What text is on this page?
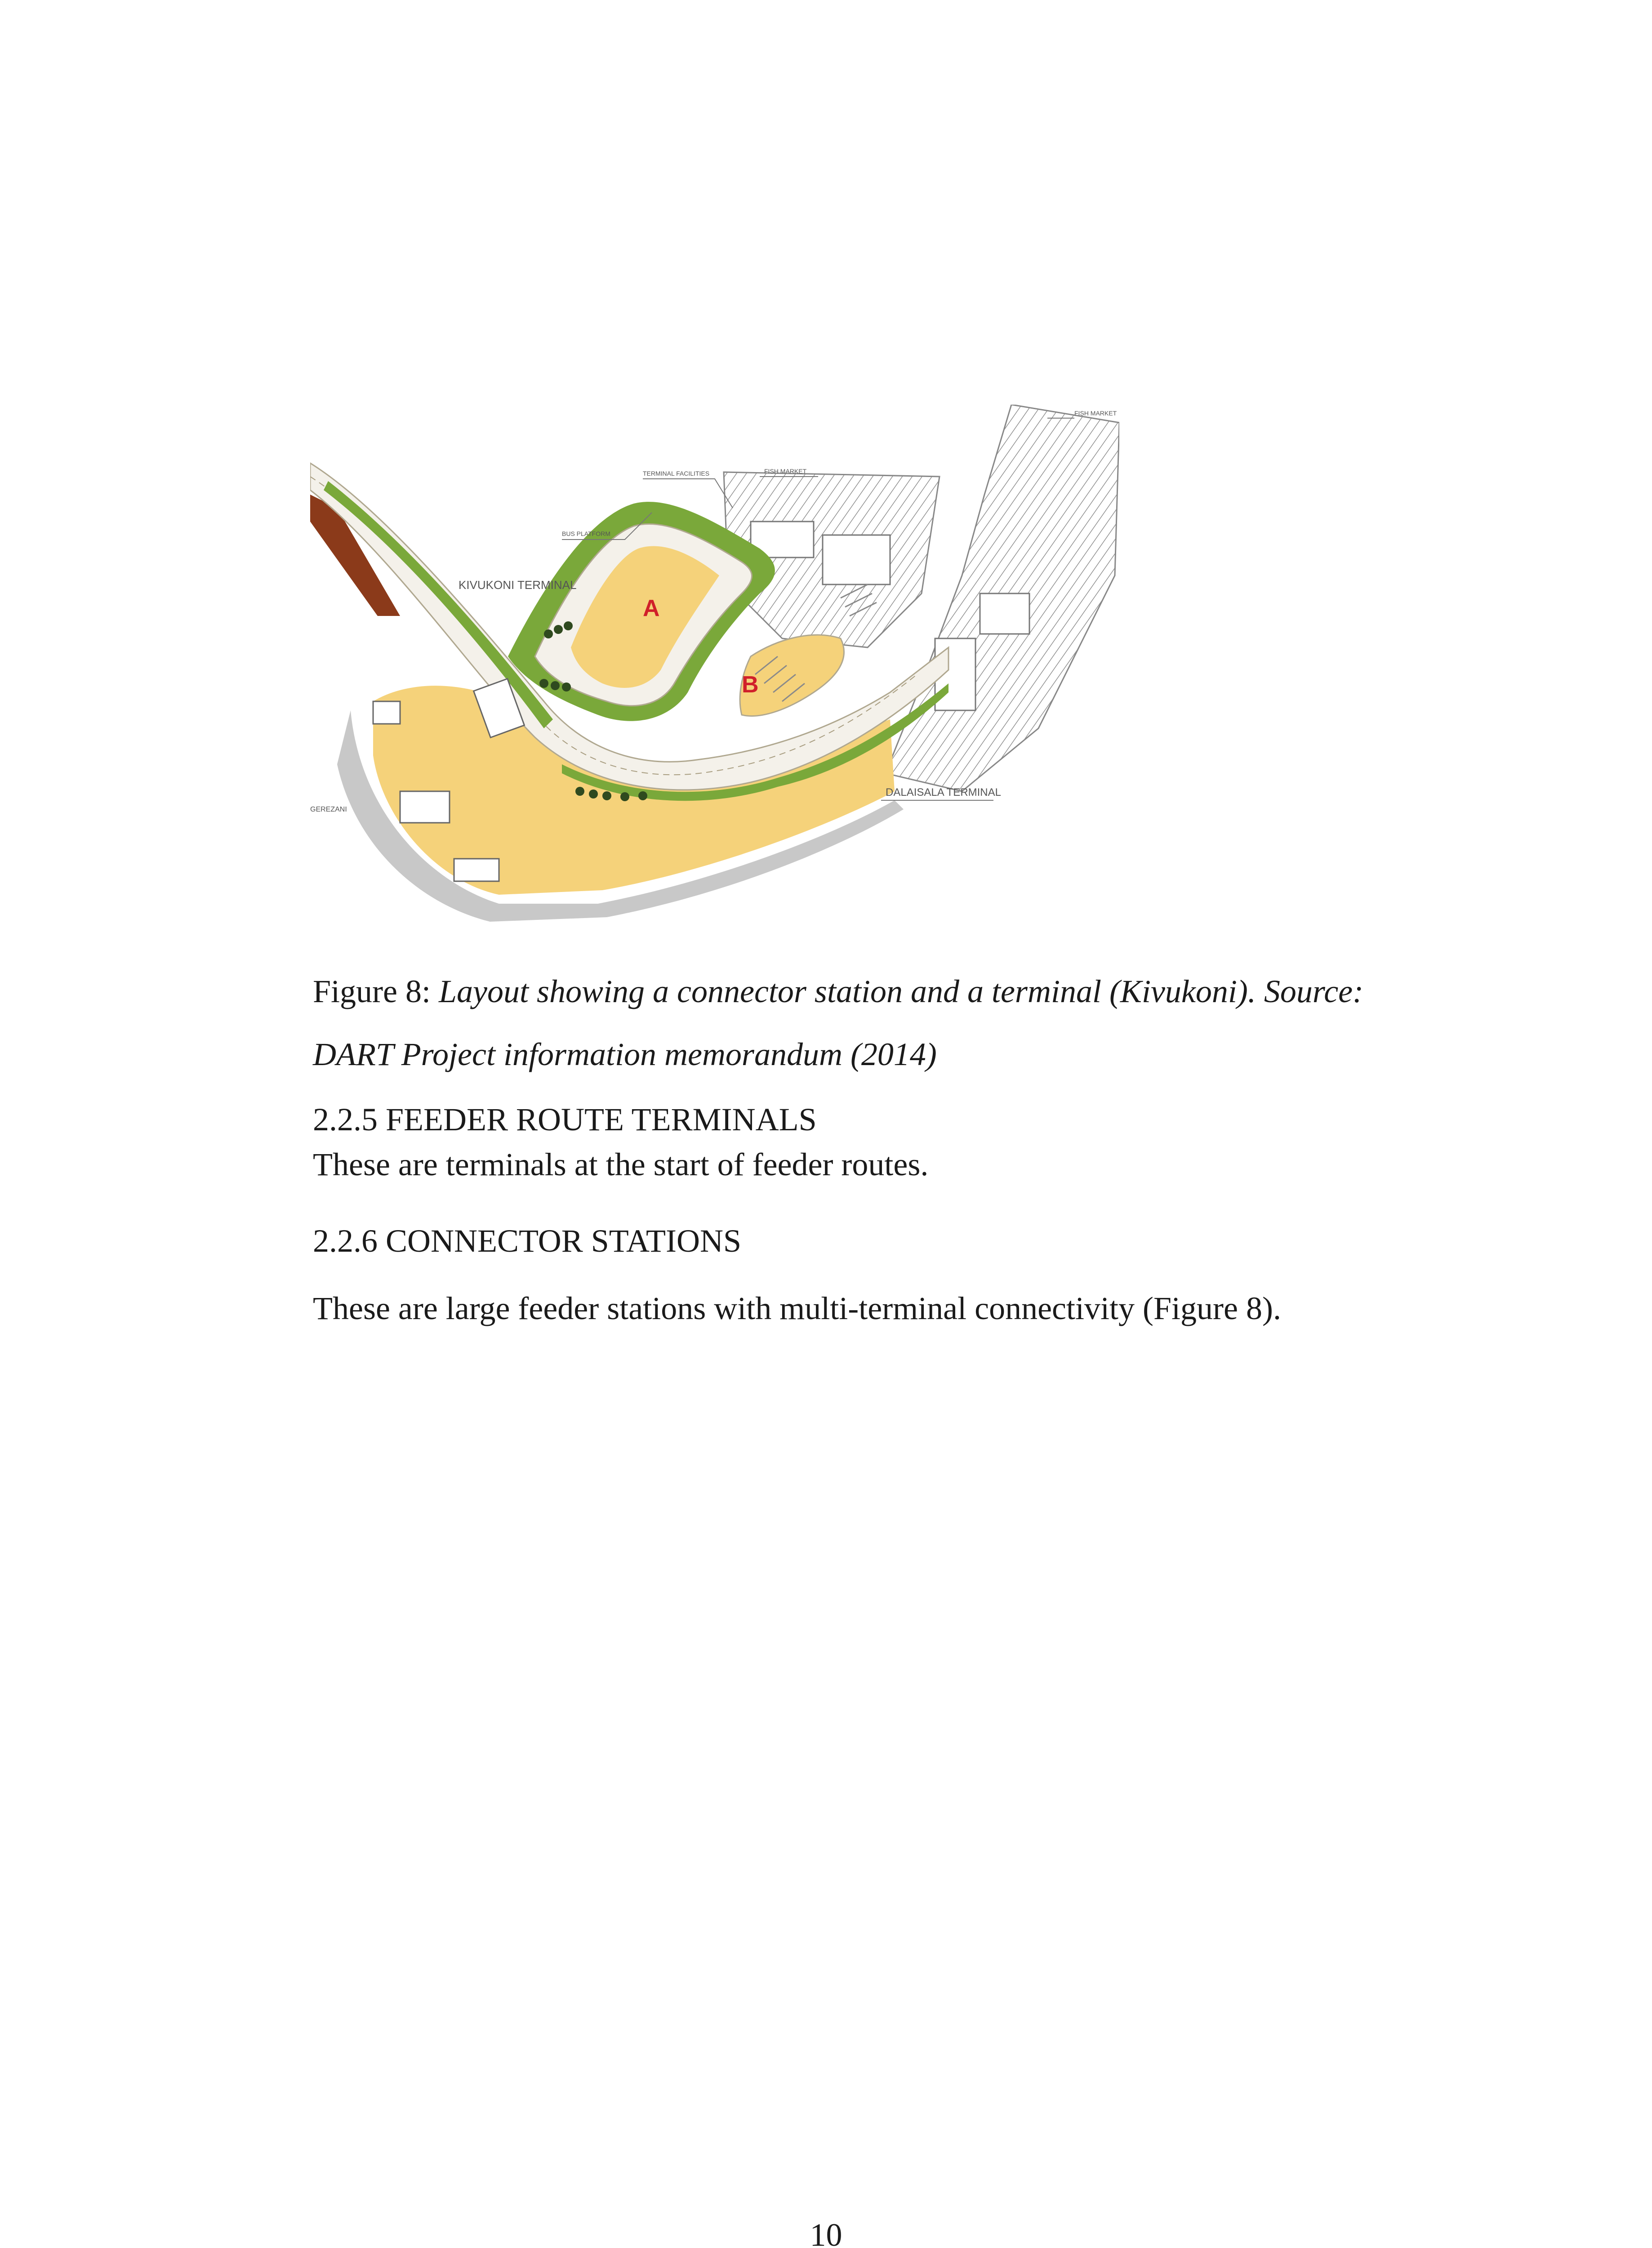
KIVUKONI TERMINAL
GEREZANI
TERMINAL FACILITIES	FISH MARKET
FISH MARKET
BUS PLATFORM
DALAISALA TERMINAL
A
B
Figure 8: Layout showing a connector station and a terminal (Kivukoni). Source:
DART Project information memorandum (2014)
2.2.5 FEEDER ROUTE TERMINALS
These are terminals at the start of feeder routes.
2.2.6 CONNECTOR STATIONS
These are large feeder stations with multi-terminal connectivity (Figure 8).
10
